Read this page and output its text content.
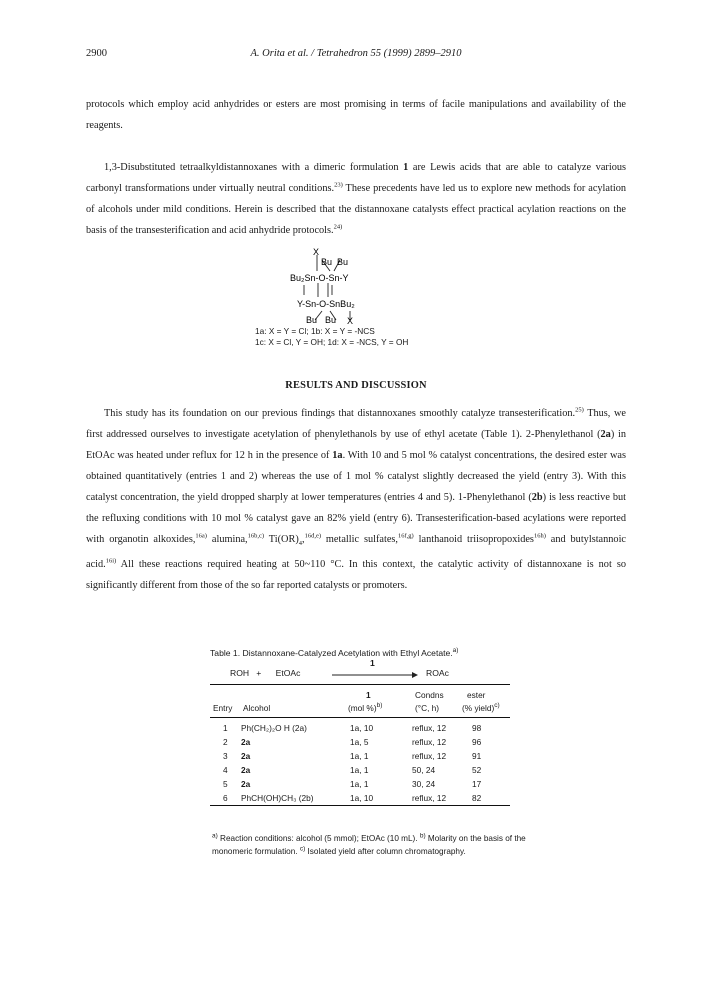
2900	A. Orita et al. / Tetrahedron 55 (1999) 2899–2910
protocols which employ acid anhydrides or esters are most promising in terms of facile manipulations and availability of the reagents.
1,3-Disubstituted tetraalkyldistannoxanes with a dimeric formulation 1 are Lewis acids that are able to catalyze various carbonyl transformations under virtually neutral conditions.$^{23)}$ These precedents have led us to explore new methods for acylation of alcohols under mild conditions. Herein is described that the distannoxane catalysts effect practical acylation reactions on the basis of the transesterification and acid anhydride protocols.$^{24)}$
X
Bu Bu
Bu₂Sn-O-Sn-Y
Y-Sn-O-SnBu₂
Bu Bu X
1a: X = Y = Cl; 1b: X = Y = -NCS
1c: X = Cl, Y = OH; 1d: X = -NCS, Y = OH
RESULTS AND DISCUSSION
This study has its foundation on our previous findings that distannoxanes smoothly catalyze transesterification.$^{25)}$ Thus, we first addressed ourselves to investigate acetylation of phenylethanols by use of ethyl acetate (Table 1). 2-Phenylethanol (2a) in EtOAc was heated under reflux for 12 h in the presence of 1a. With 10 and 5 mol % catalyst concentrations, the desired ester was obtained quantitatively (entries 1 and 2) whereas the use of 1 mol % catalyst slightly decreased the yield (entry 3). With this catalyst concentration, the yield dropped sharply at lower temperatures (entries 4 and 5). 1-Phenylethanol (2b) is less reactive but the refluxing conditions with 10 mol % catalyst gave an 82% yield (entry 6). Transesterification-based acylations were reported with organotin alkoxides,$^{16a)}$ alumina,$^{16b,c)}$ $Ti(OR)_4,^{16d,e)}$ metallic sulfates,$^{16f,g)}$ lanthanoid triisopropoxides$^{16h)}$ and butylstannoic acid.$^{16i)}$ All these reactions required heating at 50~110 °C. In this context, the catalytic activity of distannoxane is not so significantly different from those of the so far reported catalysts or promoters.
Table 1. Distannoxane-Catalyzed Acetylation with Ethyl Acetate.$^{a)}$
ROH   +      EtOAc
1
ROAc
Entry Alcohol
1
(mol %)$^{b)}$
Condns
(°C, h)
ester
(% yield)$^{c)}$
1 Ph(CH₂)₂O H (2a)	1a, 10	reflux, 12	98
2 2a	1a, 5	reflux, 12	96
3 2a	1a, 1	reflux, 12	91
4 2a	1a, 1	50, 24	52
5 2a	1a, 1	30, 24	17
6 PhCH(OH)CH₃ (2b)	1a, 10	reflux, 12	82
$^{a)}$ Reaction conditions: alcohol (5 mmol); EtOAc (10 mL). $^{b)}$ Molarity on the basis of the monomeric formulation. $^{c)}$ Isolated yield after column chromatography.
